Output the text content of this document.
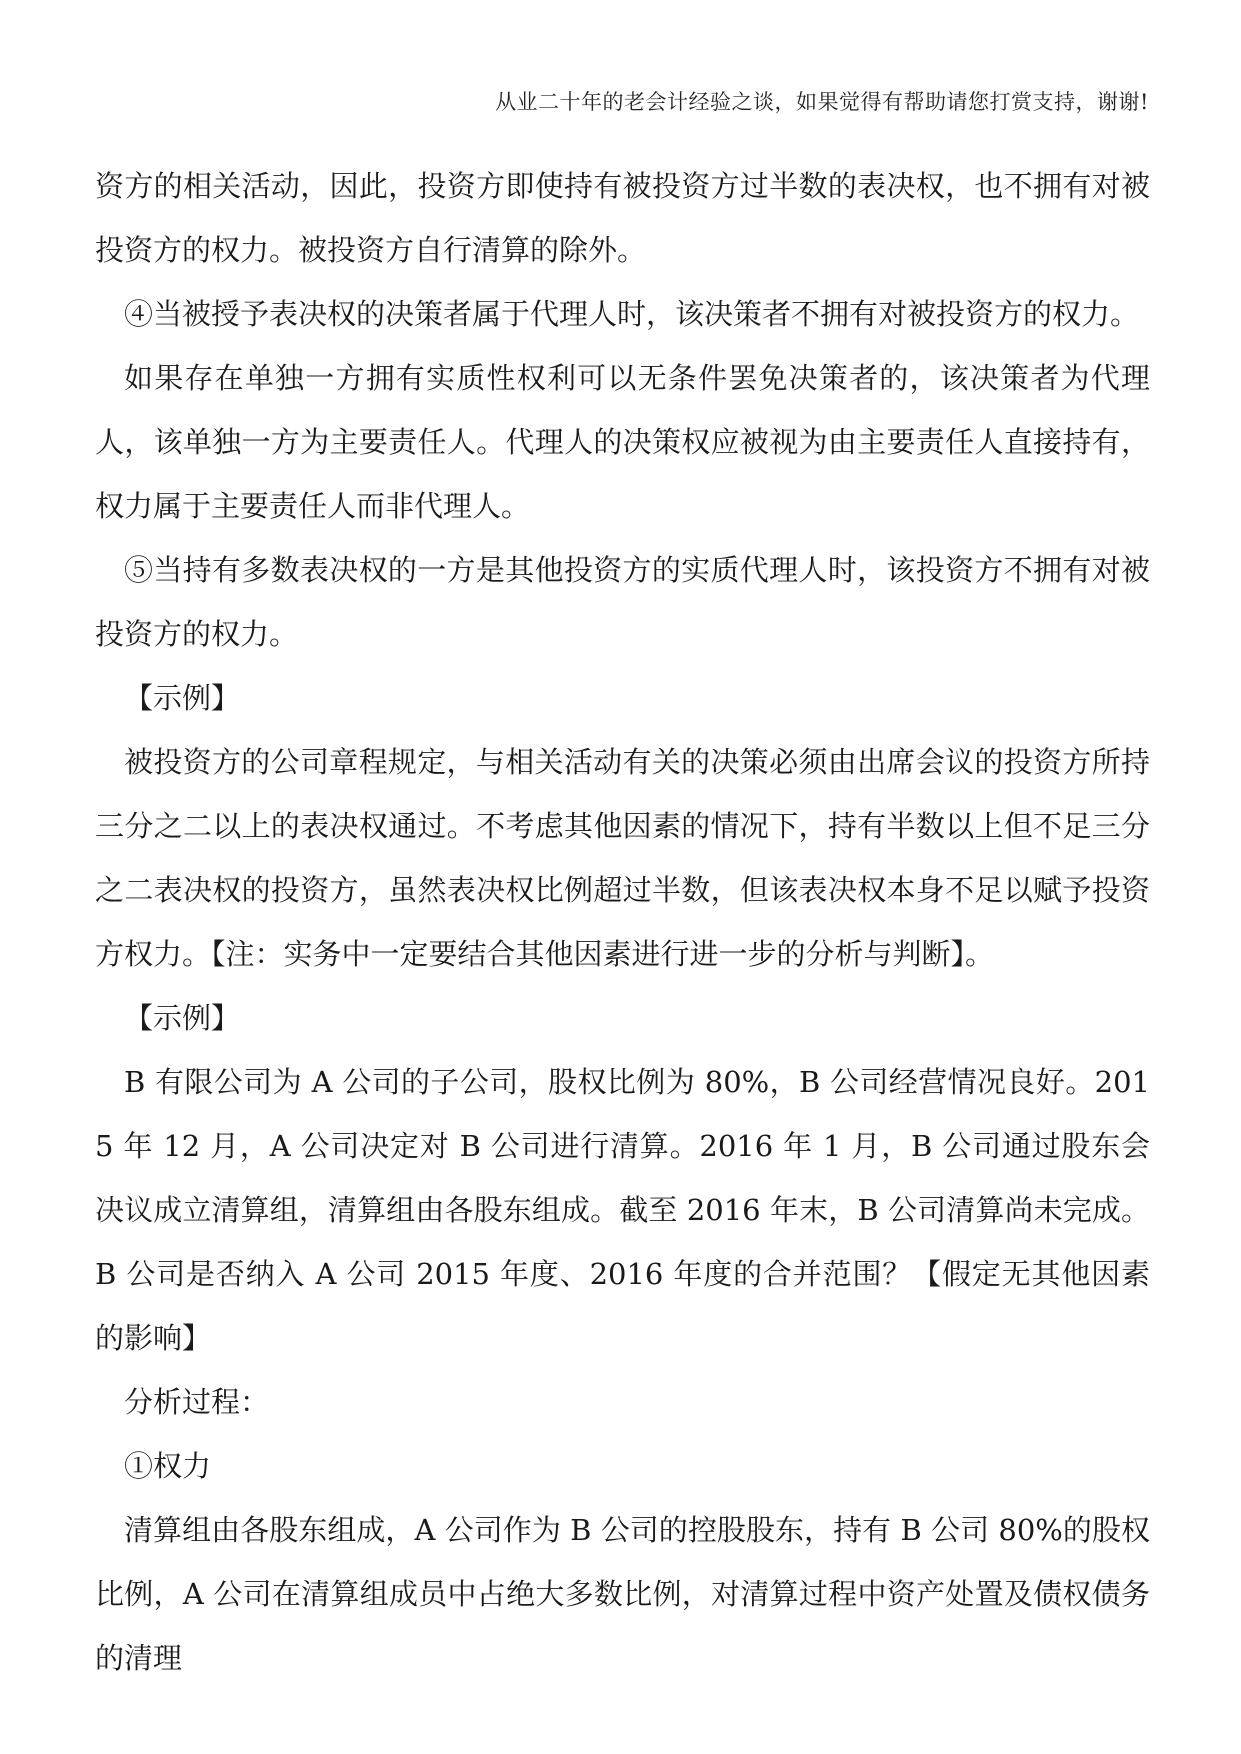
从业二十年的老会计经验之谈，如果觉得有帮助请您打赏支持，谢谢!

资方的相关活动，因此，投资方即使持有被投资方过半数的表决权，也不拥有对被投资方的权力。被投资方自行清算的除外。

④当被授予表决权的决策者属于代理人时，该决策者不拥有对被投资方的权力。

如果存在单独一方拥有实质性权利可以无条件罢免决策者的，该决策者为代理人，该单独一方为主要责任人。代理人的决策权应被视为由主要责任人直接持有，权力属于主要责任人而非代理人。

⑤当持有多数表决权的一方是其他投资方的实质代理人时，该投资方不拥有对被投资方的权力。

【示例】

被投资方的公司章程规定，与相关活动有关的决策必须由出席会议的投资方所持三分之二以上的表决权通过。不考虑其他因素的情况下，持有半数以上但不足三分之二表决权的投资方，虽然表决权比例超过半数，但该表决权本身不足以赋予投资方权力。【注：实务中一定要结合其他因素进行进一步的分析与判断】。

【示例】

B 有限公司为 A 公司的子公司，股权比例为 80%，B 公司经营情况良好。2015 年 12 月，A 公司决定对 B 公司进行清算。2016 年 1 月，B 公司通过股东会决议成立清算组，清算组由各股东组成。截至 2016 年末，B 公司清算尚未完成。B 公司是否纳入 A 公司 2015 年度、2016 年度的合并范围？【假定无其他因素的影响】

分析过程：

①权力

清算组由各股东组成，A 公司作为 B 公司的控股股东，持有 B 公司 80%的股权比例，A 公司在清算组成员中占绝大多数比例，对清算过程中资产处置及债权债务的清理
